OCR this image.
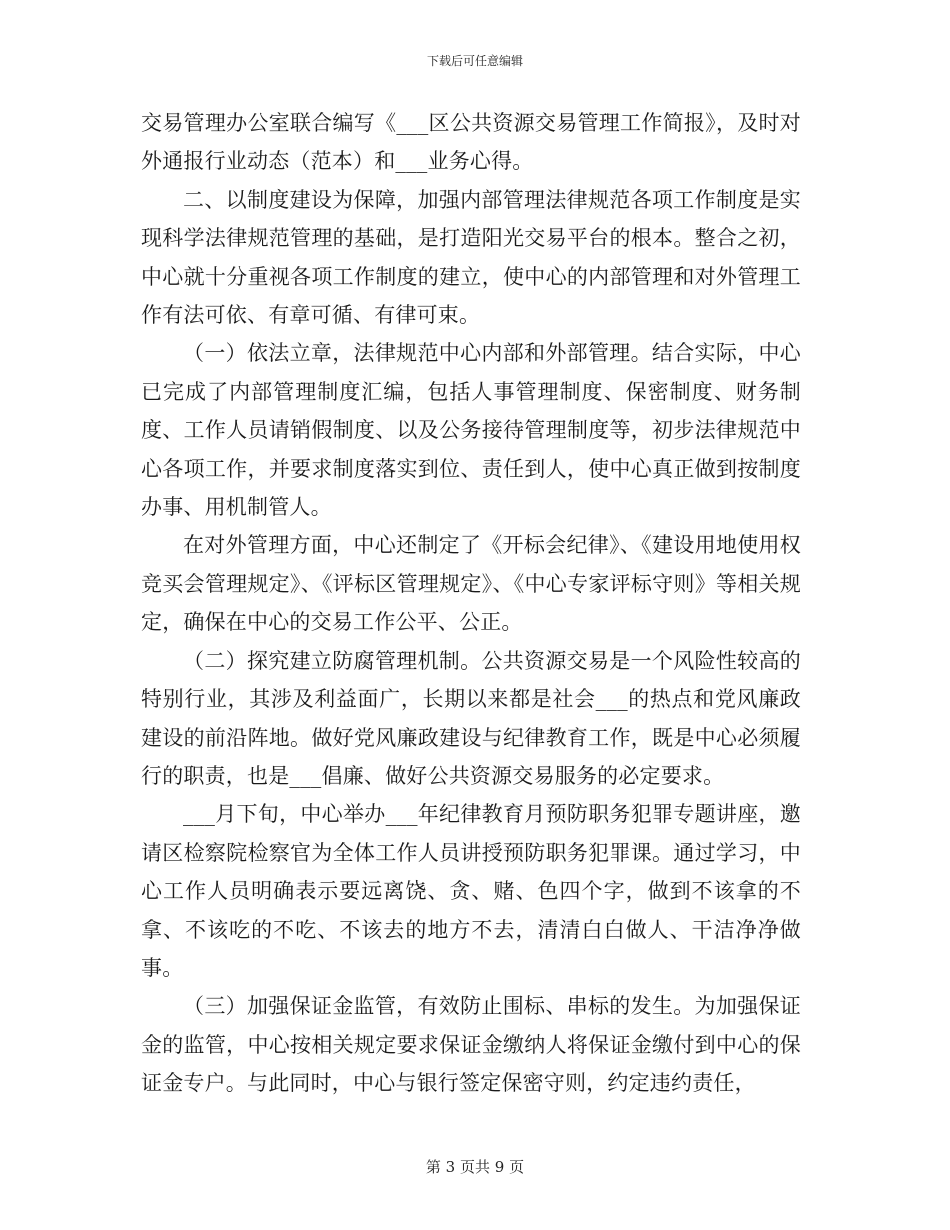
下载后可任意编辑

交易管理办公室联合编写《___区公共资源交易管理工作简报》，及时对外通报行业动态（范本）和___业务心得。

二、以制度建设为保障，加强内部管理法律规范各项工作制度是实现科学法律规范管理的基础，是打造阳光交易平台的根本。整合之初，中心就十分重视各项工作制度的建立，使中心的内部管理和对外管理工作有法可依、有章可循、有律可束。

（一）依法立章，法律规范中心内部和外部管理。结合实际，中心已完成了内部管理制度汇编，包括人事管理制度、保密制度、财务制度、工作人员请销假制度、以及公务接待管理制度等，初步法律规范中心各项工作，并要求制度落实到位、责任到人，使中心真正做到按制度办事、用机制管人。

在对外管理方面，中心还制定了《开标会纪律》、《建设用地使用权竞买会管理规定》、《评标区管理规定》、《中心专家评标守则》等相关规定，确保在中心的交易工作公平、公正。

（二）探究建立防腐管理机制。公共资源交易是一个风险性较高的特别行业，其涉及利益面广，长期以来都是社会___的热点和党风廉政建设的前沿阵地。做好党风廉政建设与纪律教育工作，既是中心必须履行的职责，也是___倡廉、做好公共资源交易服务的必定要求。

___月下旬，中心举办___年纪律教育月预防职务犯罪专题讲座，邀请区检察院检察官为全体工作人员讲授预防职务犯罪课。通过学习，中心工作人员明确表示要远离饶、贪、赌、色四个字，做到不该拿的不拿、不该吃的不吃、不该去的地方不去，清清白白做人、干洁净净做事。

（三）加强保证金监管，有效防止围标、串标的发生。为加强保证金的监管，中心按相关规定要求保证金缴纳人将保证金缴付到中心的保证金专户。与此同时，中心与银行签定保密守则，约定违约责任，

第 3 页共 9 页
